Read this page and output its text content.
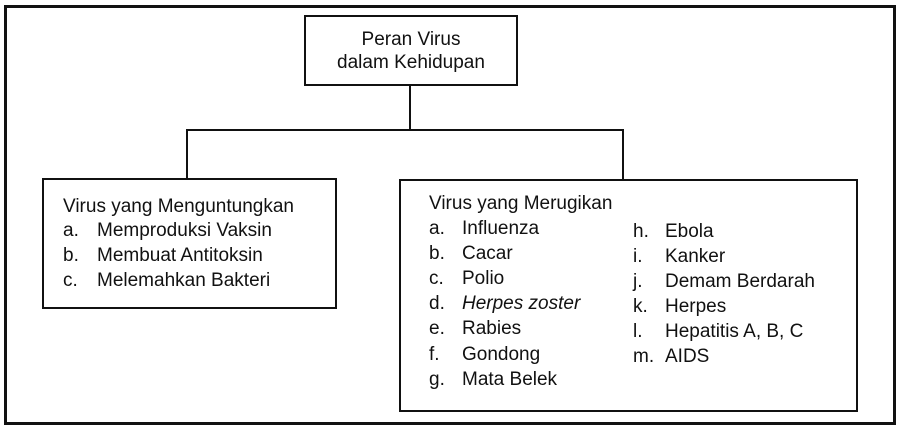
Peran Virus
dalam Kehidupan
Virus yang Menguntungkan
a. Memproduksi Vaksin
b. Membuat Antitoksin
c. Melemahkan Bakteri
Virus yang Merugikan
a. Influenza
b. Cacar
c. Polio
d. Herpes zoster
e. Rabies
f. Gondong
g. Mata Belek
h. Ebola
i. Kanker
j. Demam Berdarah
k. Herpes
l. Hepatitis A, B, C
m. AIDS
